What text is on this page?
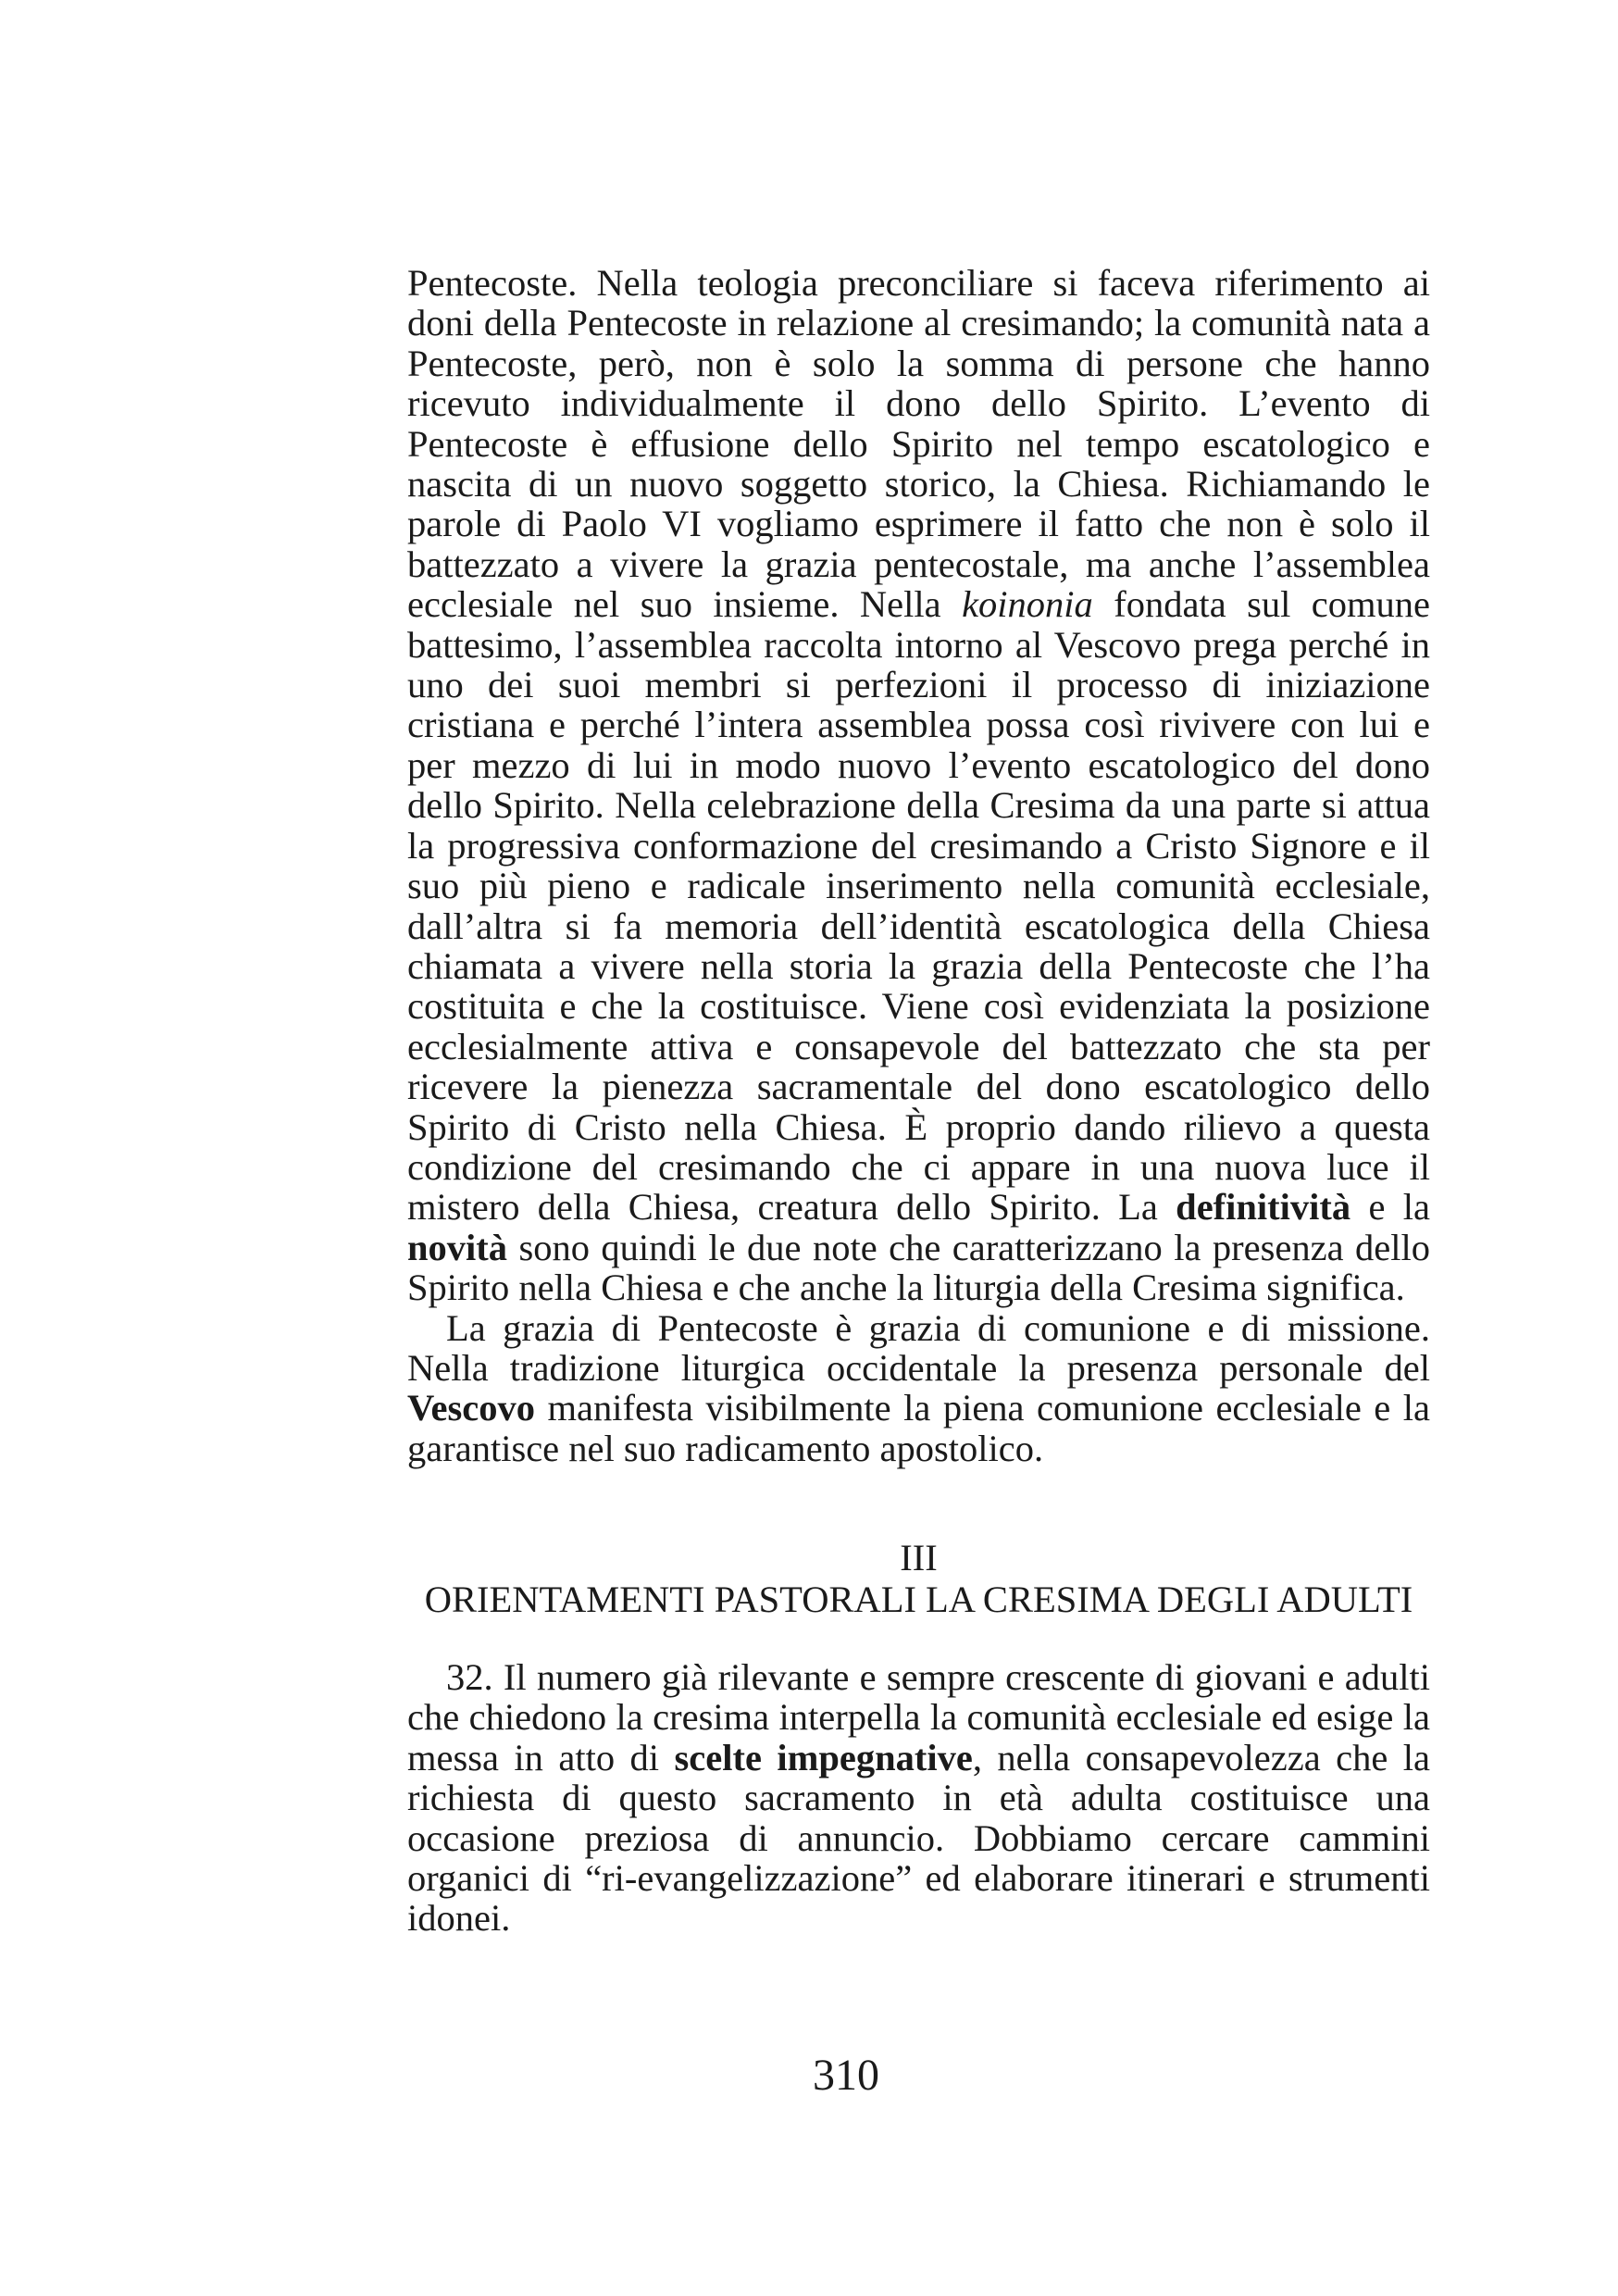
Pentecoste. Nella teologia preconciliare si faceva riferimento ai doni della Pentecoste in relazione al cresimando; la comunità nata a Pentecoste, però, non è solo la somma di persone che hanno ricevuto individualmente il dono dello Spirito. L’evento di Pentecoste è effusione dello Spirito nel tempo escatologico e nascita di un nuovo soggetto storico, la Chiesa. Richiamando le parole di Paolo VI vogliamo esprimere il fatto che non è solo il battezzato a vivere la grazia pentecostale, ma anche l’assemblea ecclesiale nel suo insieme. Nella koinonia fondata sul comune battesimo, l’assemblea raccolta intorno al Vescovo prega perché in uno dei suoi membri si perfezioni il processo di iniziazione cristiana e perché l’intera assemblea possa così rivivere con lui e per mezzo di lui in modo nuovo l’evento escatologico del dono dello Spirito. Nella celebrazione della Cresima da una parte si attua la progressiva conformazione del cresimando a Cristo Signore e il suo più pieno e radicale inserimento nella comunità ecclesiale, dall’altra si fa memoria dell’identità escatologica della Chiesa chiamata a vivere nella storia la grazia della Pentecoste che l’ha costituita e che la costituisce. Viene così evidenziata la posizione ecclesialmente attiva e consapevole del battezzato che sta per ricevere la pienezza sacramentale del dono escatologico dello Spirito di Cristo nella Chiesa. È proprio dando rilievo a questa condizione del cresimando che ci appare in una nuova luce il mistero della Chiesa, creatura dello Spirito. La definitività e la novità sono quindi le due note che caratterizzano la presenza dello Spirito nella Chiesa e che anche la liturgia della Cresima significa.

La grazia di Pentecoste è grazia di comunione e di missione. Nella tradizione liturgica occidentale la presenza personale del Vescovo manifesta visibilmente la piena comunione ecclesiale e la garantisce nel suo radicamento apostolico.

III
ORIENTAMENTI PASTORALI LA CRESIMA DEGLI ADULTI

32. Il numero già rilevante e sempre crescente di giovani e adulti che chiedono la cresima interpella la comunità ecclesiale ed esige la messa in atto di scelte impegnative, nella consapevolezza che la richiesta di questo sacramento in età adulta costituisce una occasione preziosa di annuncio. Dobbiamo cercare cammini organici di “ri-evangelizzazione” ed elaborare itinerari e strumenti idonei.

310
